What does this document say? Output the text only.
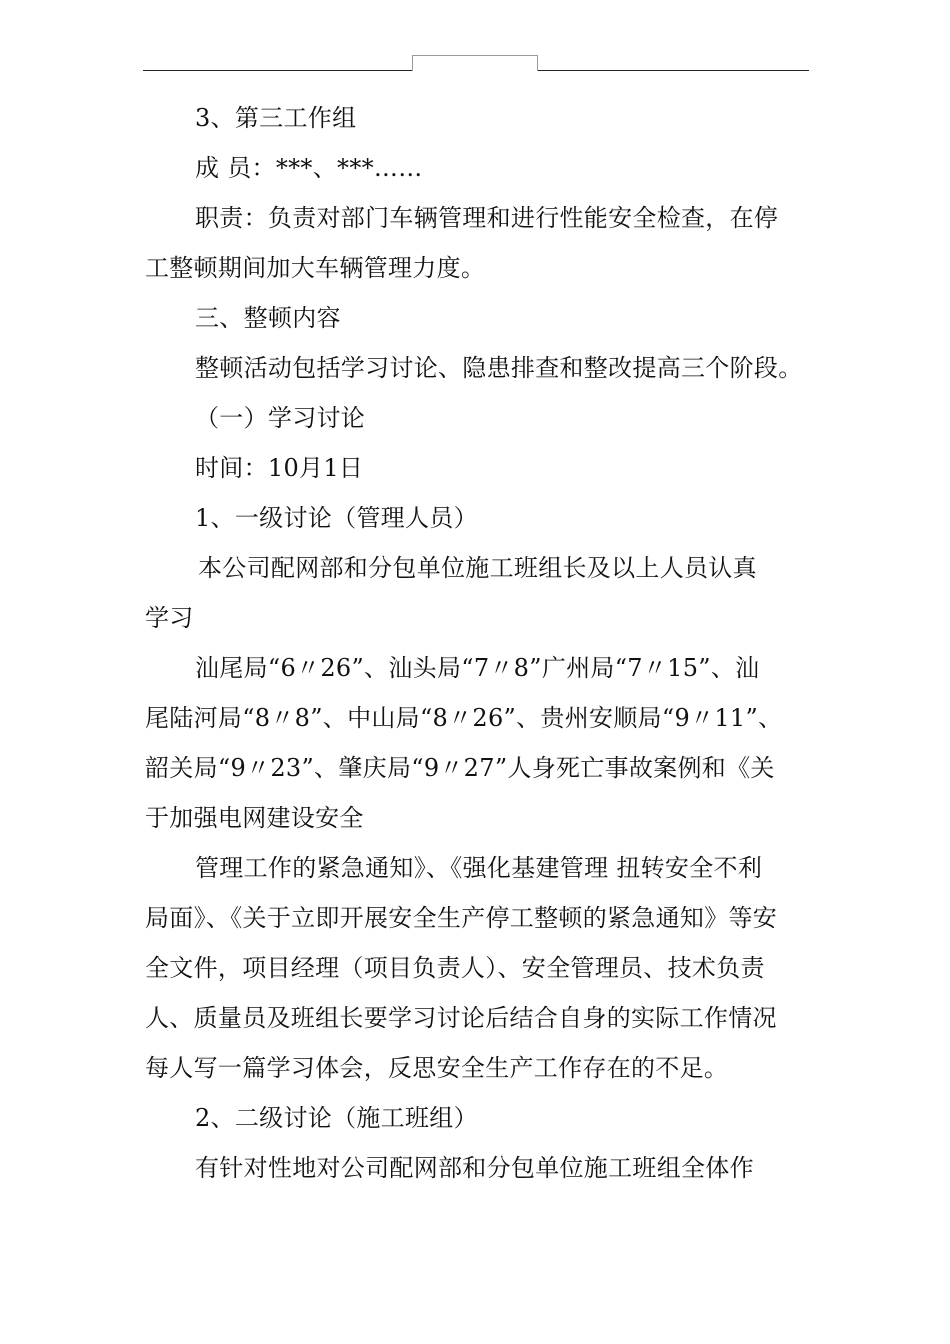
3、第三工作组
成 员：***、***……
职责：负责对部门车辆管理和进行性能安全检查，在停
工整顿期间加大车辆管理力度。
三、整顿内容
整顿活动包括学习讨论、隐患排查和整改提高三个阶段。
（一）学习讨论
时间：10月1日
1、一级讨论（管理人员）
本公司配网部和分包单位施工班组长及以上人员认真
学习
汕尾局“6〃26”、汕头局“7〃8”广州局“7〃15”、汕
尾陆河局“8〃8”、中山局“8〃26”、贵州安顺局“9〃11”、
韶关局“9〃23”、肇庆局“9〃27”人身死亡事故案例和《关
于加强电网建设安全
管理工作的紧急通知》、《强化基建管理 扭转安全不利
局面》、《关于立即开展安全生产停工整顿的紧急通知》等安
全文件，项目经理（项目负责人）、安全管理员、技术负责
人、质量员及班组长要学习讨论后结合自身的实际工作情况
每人写一篇学习体会，反思安全生产工作存在的不足。
2、二级讨论（施工班组）
有针对性地对公司配网部和分包单位施工班组全体作
